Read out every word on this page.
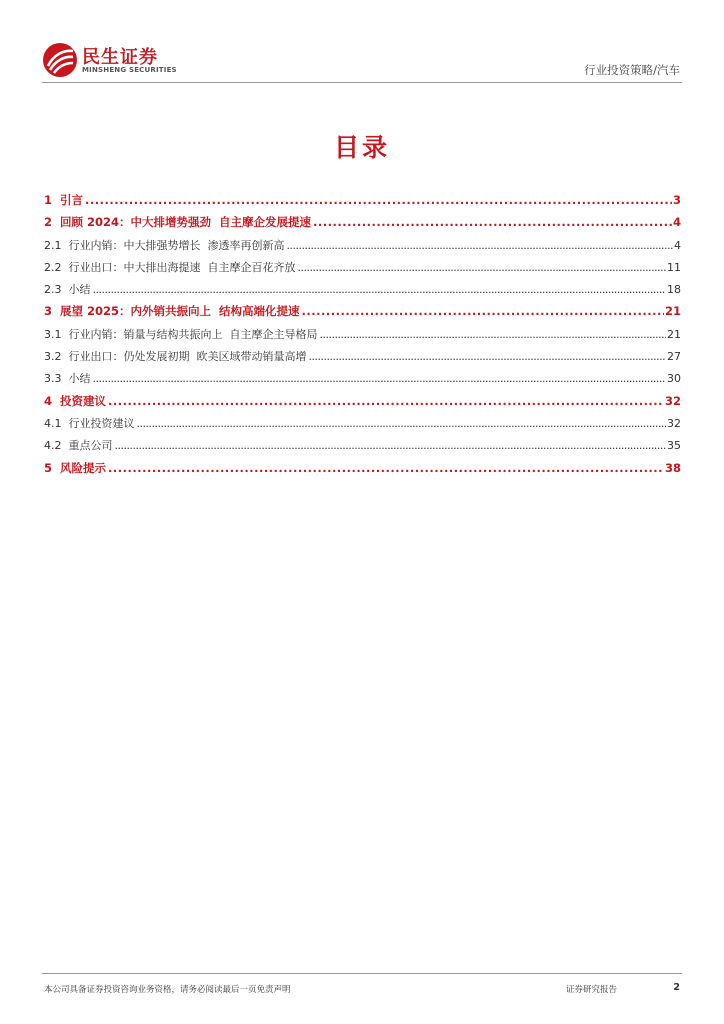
民生证券
MINSHENG SECURITIES	行业投资策略/汽车
目录
1  引言 .....	3
2  回顾 2024：中大排增势强劲  自主摩企发展提速 .....	4
2.1  行业内销：中大排强势增长  渗透率再创新高 .....	4
2.2  行业出口：中大排出海提速  自主摩企百花齐放 .....	11
2.3  小结 .....	18
3  展望 2025：内外销共振向上  结构高端化提速 .....	21
3.1  行业内销：销量与结构共振向上  自主摩企主导格局 .....	21
3.2  行业出口：仍处发展初期  欧美区域带动销量高增 .....	27
3.3  小结 .....	30
4  投资建议 .....	32
4.1  行业投资建议 .....	32
4.2  重点公司 .....	35
5  风险提示 .....	38
本公司具备证券投资咨询业务资格，请务必阅读最后一页免责声明	证券研究报告	2
